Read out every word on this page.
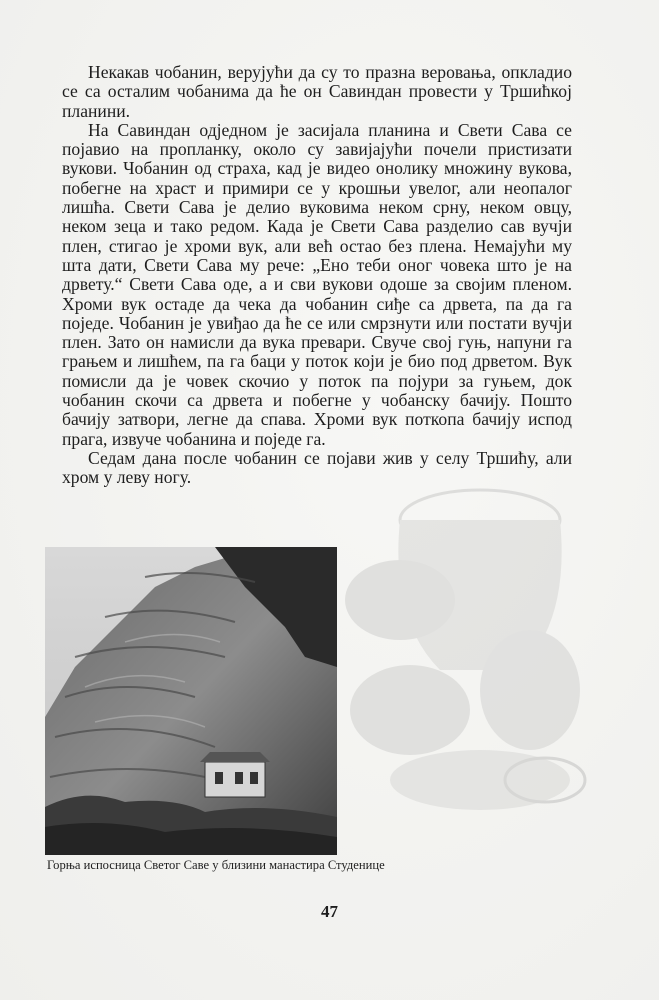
Некакав чобанин, верујући да су то празна веровања, опкладио се са осталим чобанима да ће он Савиндан провести у Тршићкој планини.

На Савиндан одједном је засијала планина и Свети Сава се појавио на пропланку, около су завијајући почели пристизати вукови. Чобанин од страха, кад је видео онолику множину вукова, побегне на храст и примири се у крошњи увелог, али неопалог лишћа. Свети Сава је делио вуковима неком срну, неком овцу, неком зеца и тако редом. Када је Свети Сава разделио сав вучји плен, стигао је хроми вук, али већ остао без плена. Немајући му шта дати, Свети Сава му рече: „Ено теби оног човека што је на дрвету.“ Свети Сава оде, а и сви вукови одоше за својим пленом. Хроми вук остаде да чека да чобанин сиђе са дрвета, па да га поједе. Чобанин је увиђао да ће се или смрзнути или постати вучји плен. Зато он намисли да вука превари. Свуче свој гуњ, напуни га грањем и лишћем, па га баци у поток који је био под дрветом. Вук помисли да је човек скочио у поток па појури за гуњем, док чобанин скочи са дрвета и побегне у чобанску бачију. Пошто бачију затвори, легне да спава. Хроми вук поткопа бачију испод прага, извуче чобанина и поједе га.

Седам дана после чобанин се појави жив у селу Тршићу, али хром у леву ногу.

Горња испосница Светог Саве у близини манастира Студенице
47
